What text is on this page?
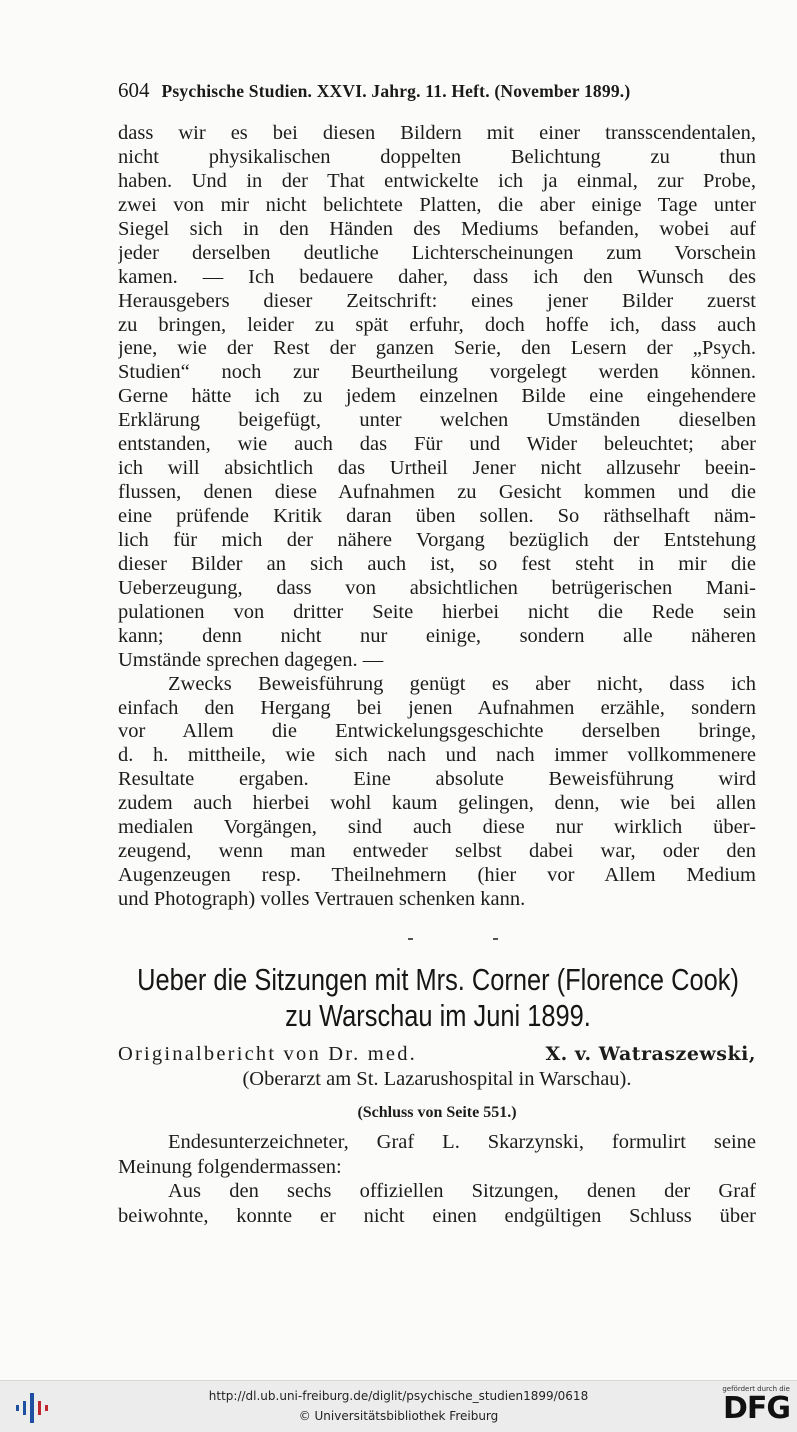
604 Psychische Studien. XXVI. Jahrg. 11. Heft. (November 1899.)
dass wir es bei diesen Bildern mit einer transscendentalen,
nicht physikalischen doppelten Belichtung zu thun
haben. Und in der That entwickelte ich ja einmal, zur Probe,
zwei von mir nicht belichtete Platten, die aber einige Tage unter
Siegel sich in den Händen des Mediums befanden, wobei auf
jeder derselben deutliche Lichterscheinungen zum Vorschein
kamen. — Ich bedauere daher, dass ich den Wunsch des
Herausgebers dieser Zeitschrift: eines jener Bilder zuerst
zu bringen, leider zu spät erfuhr, doch hoffe ich, dass auch
jene, wie der Rest der ganzen Serie, den Lesern der „Psych.
Studien“ noch zur Beurtheilung vorgelegt werden können.
Gerne hätte ich zu jedem einzelnen Bilde eine eingehendere
Erklärung beigefügt, unter welchen Umständen dieselben
entstanden, wie auch das Für und Wider beleuchtet; aber
ich will absichtlich das Urtheil Jener nicht allzusehr beein-
flussen, denen diese Aufnahmen zu Gesicht kommen und die
eine prüfende Kritik daran üben sollen. So räthselhaft näm-
lich für mich der nähere Vorgang bezüglich der Entstehung
dieser Bilder an sich auch ist, so fest steht in mir die
Ueberzeugung, dass von absichtlichen betrügerischen Mani-
pulationen von dritter Seite hierbei nicht die Rede sein
kann; denn nicht nur einige, sondern alle näheren
Umstände sprechen dagegen. —
Zwecks Beweisführung genügt es aber nicht, dass ich
einfach den Hergang bei jenen Aufnahmen erzähle, sondern
vor Allem die Entwickelungsgeschichte derselben bringe,
d. h. mittheile, wie sich nach und nach immer vollkommenere
Resultate ergaben. Eine absolute Beweisführung wird
zudem auch hierbei wohl kaum gelingen, denn, wie bei allen
medialen Vorgängen, sind auch diese nur wirklich über-
zeugend, wenn man entweder selbst dabei war, oder den
Augenzeugen resp. Theilnehmern (hier vor Allem Medium
und Photograph) volles Vertrauen schenken kann.
Ueber die Sitzungen mit Mrs. Corner (Florence Cook)
zu Warschau im Juni 1899.
Originalbericht von Dr. med.	X. v. Watraszewski,
(Oberarzt am St. Lazarushospital in Warschau).
(Schluss von Seite 551.)
Endesunterzeichneter, Graf L. Skarzynski, formulirt seine
Meinung folgendermassen:
Aus den sechs offiziellen Sitzungen, denen der Graf
beiwohnte, konnte er nicht einen endgültigen Schluss über
http://dl.ub.uni-freiburg.de/diglit/psychische_studien1899/0618
© Universitätsbibliothek Freiburg
gefördert durch die
DFG
